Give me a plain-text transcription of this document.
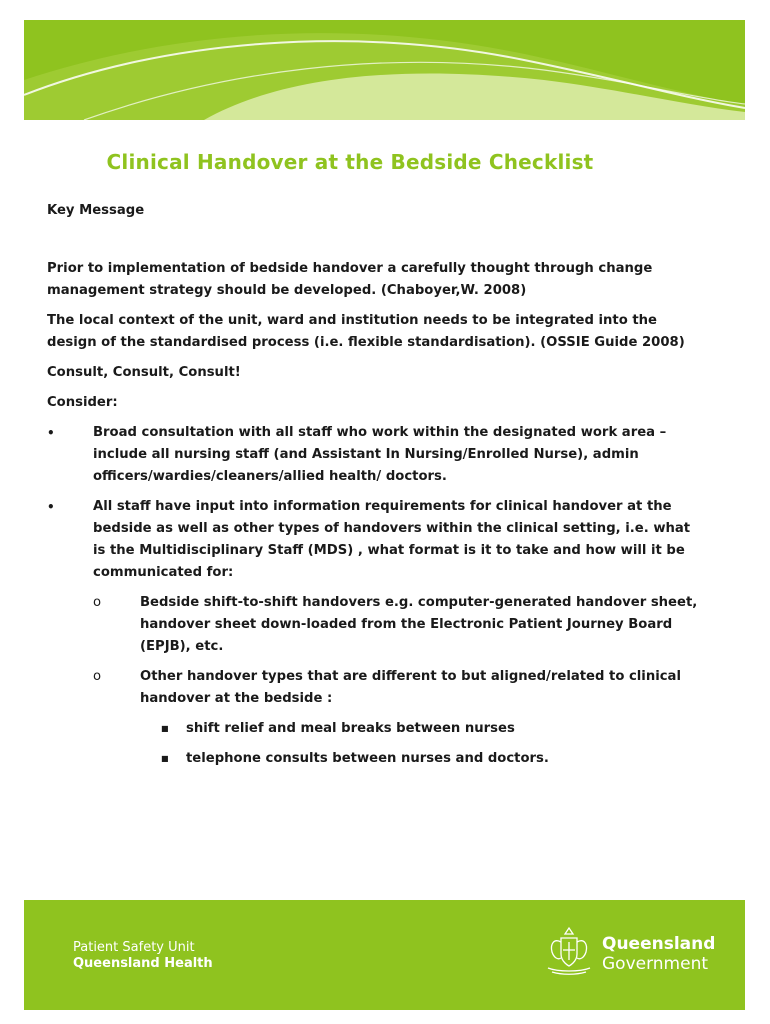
Clinical Handover at the Bedside Checklist

Key Message

Prior to implementation of bedside handover a carefully thought through change management strategy should be developed. (Chaboyer,W. 2008)

The local context of the unit, ward and institution needs to be integrated into the design of the standardised process (i.e. flexible standardisation). (OSSIE Guide 2008)

Consult, Consult, Consult!

Consider:

•	Broad consultation with all staff who work within the designated work area – include all nursing staff (and Assistant In Nursing/Enrolled Nurse), admin officers/wardies/cleaners/allied health/ doctors.
•	All staff have input into information requirements for clinical handover at the bedside as well as other types of handovers within the clinical setting, i.e. what is the Multidisciplinary Staff (MDS) , what format is it to take and how will it be communicated for:
o	Bedside shift-to-shift handovers e.g. computer-generated handover sheet, handover sheet down-loaded from the Electronic Patient Journey Board (EPJB), etc.
o	Other handover types that are different to but aligned/related to clinical handover at the bedside :
■ shift relief and meal breaks between nurses
■ telephone consults between nurses and doctors.
Patient Safety Unit
Queensland Health
Queensland
Government
